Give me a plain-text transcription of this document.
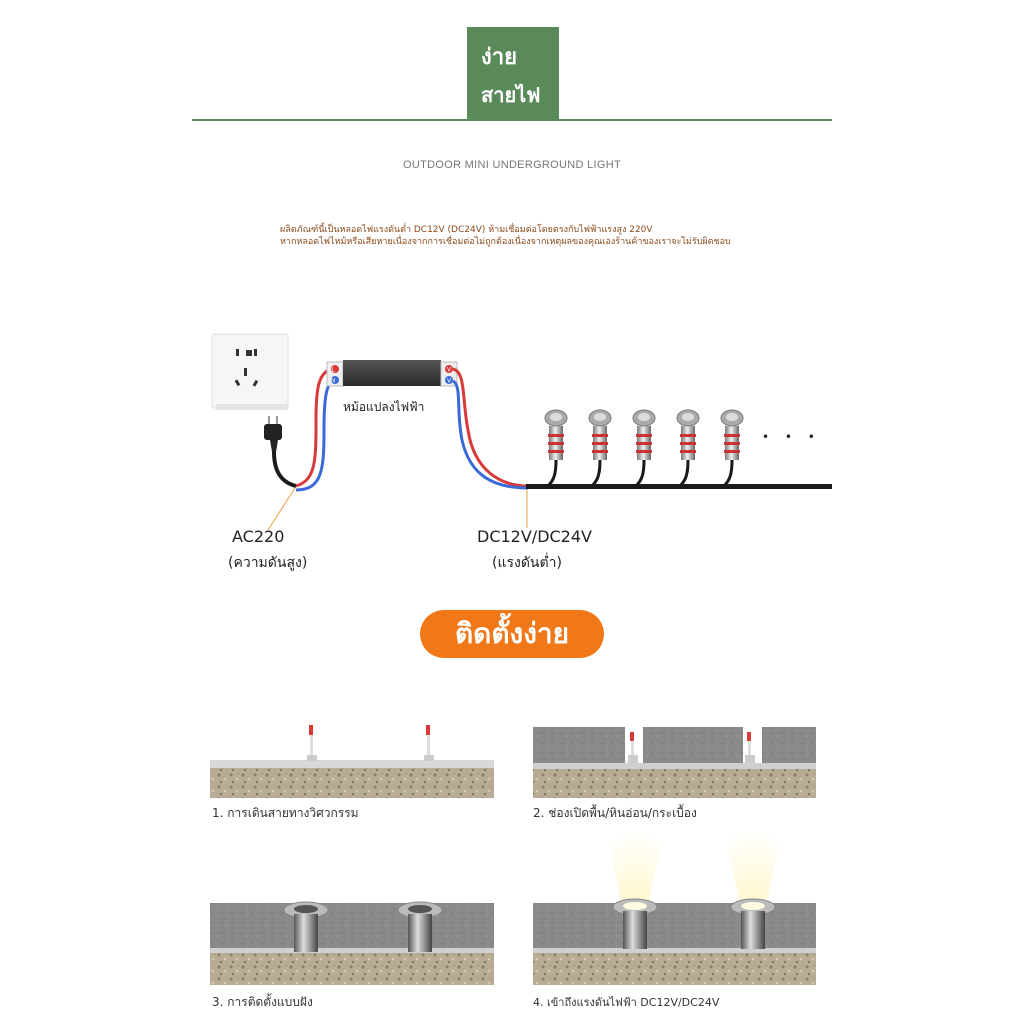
ง่าย
สายไฟ
OUTDOOR MINI UNDERGROUND LIGHT
ผลิตภัณฑ์นี้เป็นหลอดไฟแรงดันต่ำ DC12V (DC24V) ห้ามเชื่อมต่อโดยตรงกับไฟฟ้าแรงสูง 220V
หากหลอดไฟไหม้หรือเสียหายเนื่องจากการเชื่อมต่อไม่ถูกต้องเนื่องจากเหตุผลของคุณเองร้านค้าของเราจะไม่รับผิดชอบ
L
N
V
V
หม้อแปลงไฟฟ้า
AC220
(ความดันสูง)
DC12V/DC24V
(แรงดันต่ำ)
• • •
ติดตั้งง่าย
1. การเดินสายทางวิศวกรรม	2. ช่องเปิดพื้น/หินอ่อน/กระเบื้อง
3. การติดตั้งแบบฝัง	4. เข้าถึงแรงดันไฟฟ้า DC12V/DC24V
